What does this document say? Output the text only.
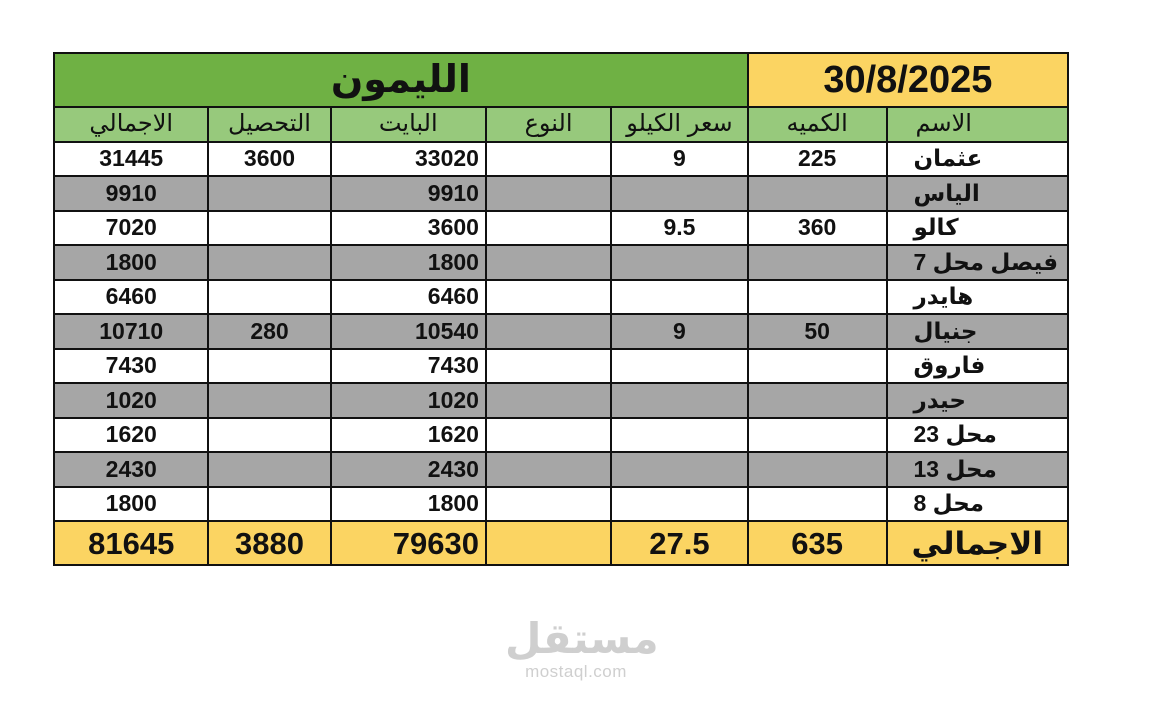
30/8/2025		الليمون				
الاسم	الكميه	سعر الكيلو	النوع	البايت	التحصيل	الاجمالي
عثمان	225	9		33020	3600	31445
الياس				9910		9910
كالو	360	9.5		3600		7020
فيصل محل 7				1800		1800
هايدر				6460		6460
جنيال	50	9		10540	280	10710
فاروق				7430		7430
حيدر				1020		1020
محل 23				1620		1620
محل 13				2430		2430
محل 8				1800		1800
الاجمالي	635	27.5		79630	3880	81645
مستقل
mostaql.com
